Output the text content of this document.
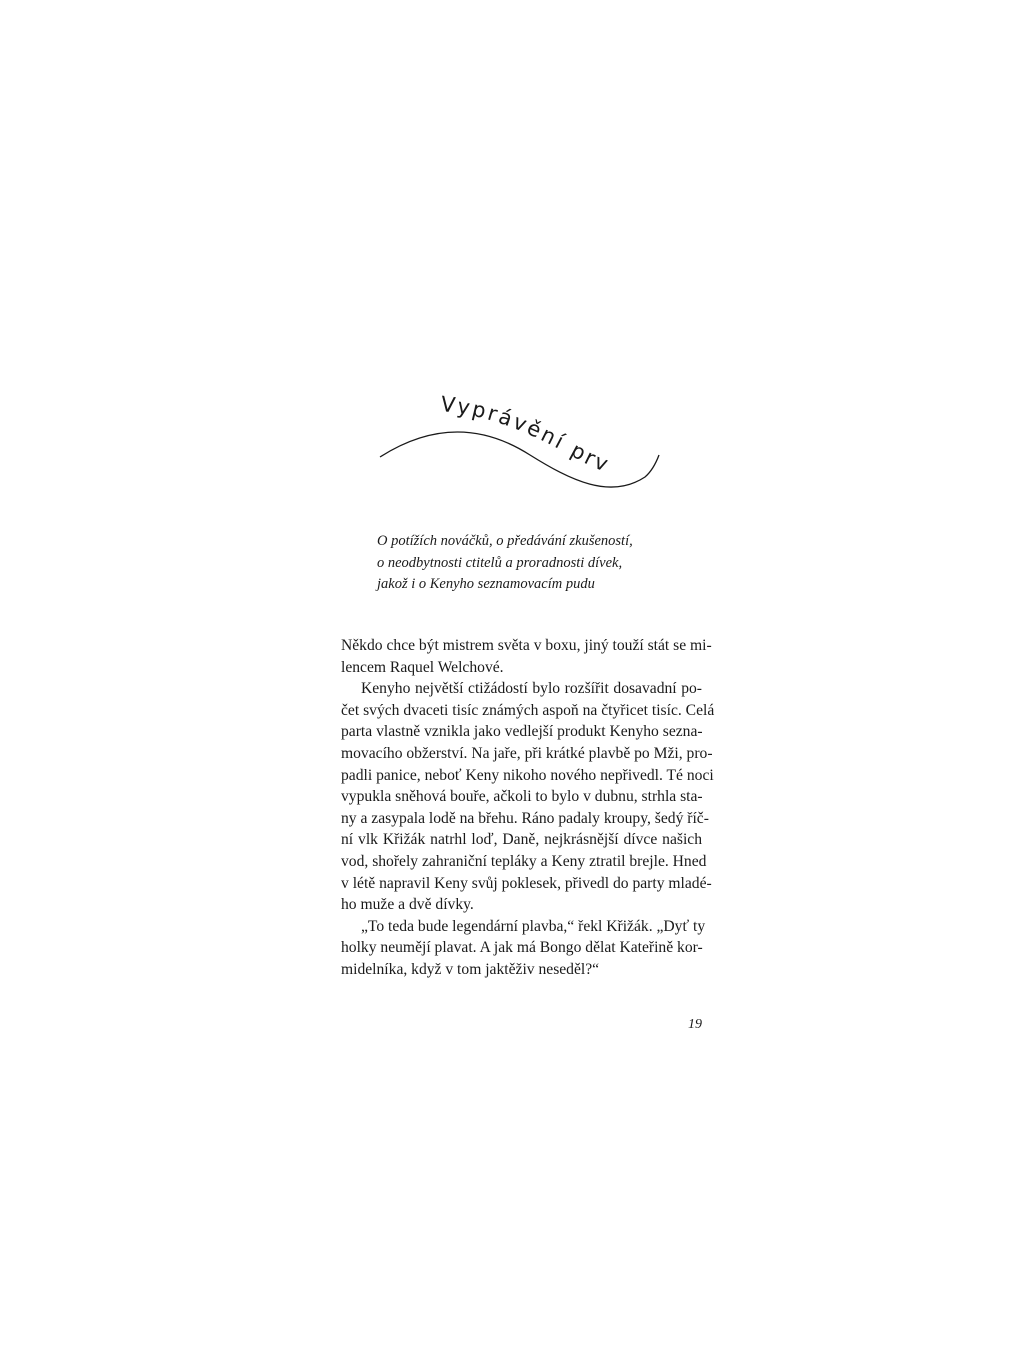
Vyprávění první
O potížích nováčků, o předávání zkušeností,
o neodbytnosti ctitelů a proradnosti dívek,
jakož i o Kenyho seznamovacím pudu
Někdo chce být mistrem světa v boxu, jiný touží stát se mi-
lencem Raquel Welchové.
Kenyho největší ctižádostí bylo rozšířit dosavadní po-
čet svých dvaceti tisíc známých aspoň na čtyřicet tisíc. Celá
parta vlastně vznikla jako vedlejší produkt Kenyho sezna-
movacího obžerství. Na jaře, při krátké plavbě po Mži, pro-
padli panice, neboť Keny nikoho nového nepřivedl. Té noci
vypukla sněhová bouře, ačkoli to bylo v dubnu, strhla sta-
ny a zasypala lodě na břehu. Ráno padaly kroupy, šedý říč-
ní vlk Křižák natrhl loď, Daně, nejkrásnější dívce našich
vod, shořely zahraniční tepláky a Keny ztratil brejle. Hned
v létě napravil Keny svůj poklesek, přivedl do party mladé-
ho muže a dvě dívky.
„To teda bude legendární plavba,“ řekl Křižák. „Dyť ty
holky neumějí plavat. A jak má Bongo dělat Kateřině kor-
midelníka, když v tom jaktěživ neseděl?“
19
